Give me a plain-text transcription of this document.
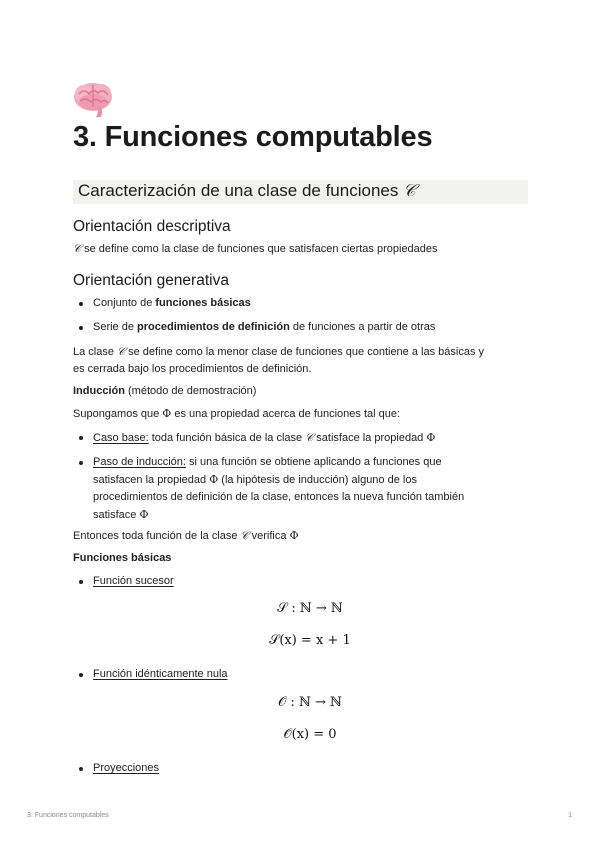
3. Funciones computables
Caracterización de una clase de funciones 𝒞
Orientación descriptiva

𝒞 se define como la clase de funciones que satisfacen ciertas propiedades

Orientación generativa

Conjunto de funciones básicas

Serie de procedimientos de definición de funciones a partir de otras

La clase 𝒞 se define como la menor clase de funciones que contiene a las básicas y
es cerrada bajo los procedimientos de definición.

Inducción (método de demostración)

Supongamos que Φ es una propiedad acerca de funciones tal que:

Caso base: toda función básica de la clase 𝒞 satisface la propiedad Φ

Paso de inducción: si una función se obtiene aplicando a funciones que
satisfacen la propiedad Φ (la hipótesis de inducción) alguno de los
procedimientos de definición de la clase, entonces la nueva función también
satisface Φ

Entonces toda función de la clase 𝒞 verifica Φ

Funciones básicas

Función sucesor

𝒮 : ℕ → ℕ
𝒮(x) = x + 1

Función idénticamente nula

𝒪 : ℕ → ℕ
𝒪(x) = 0

Proyecciones

3. Funciones computables	1
